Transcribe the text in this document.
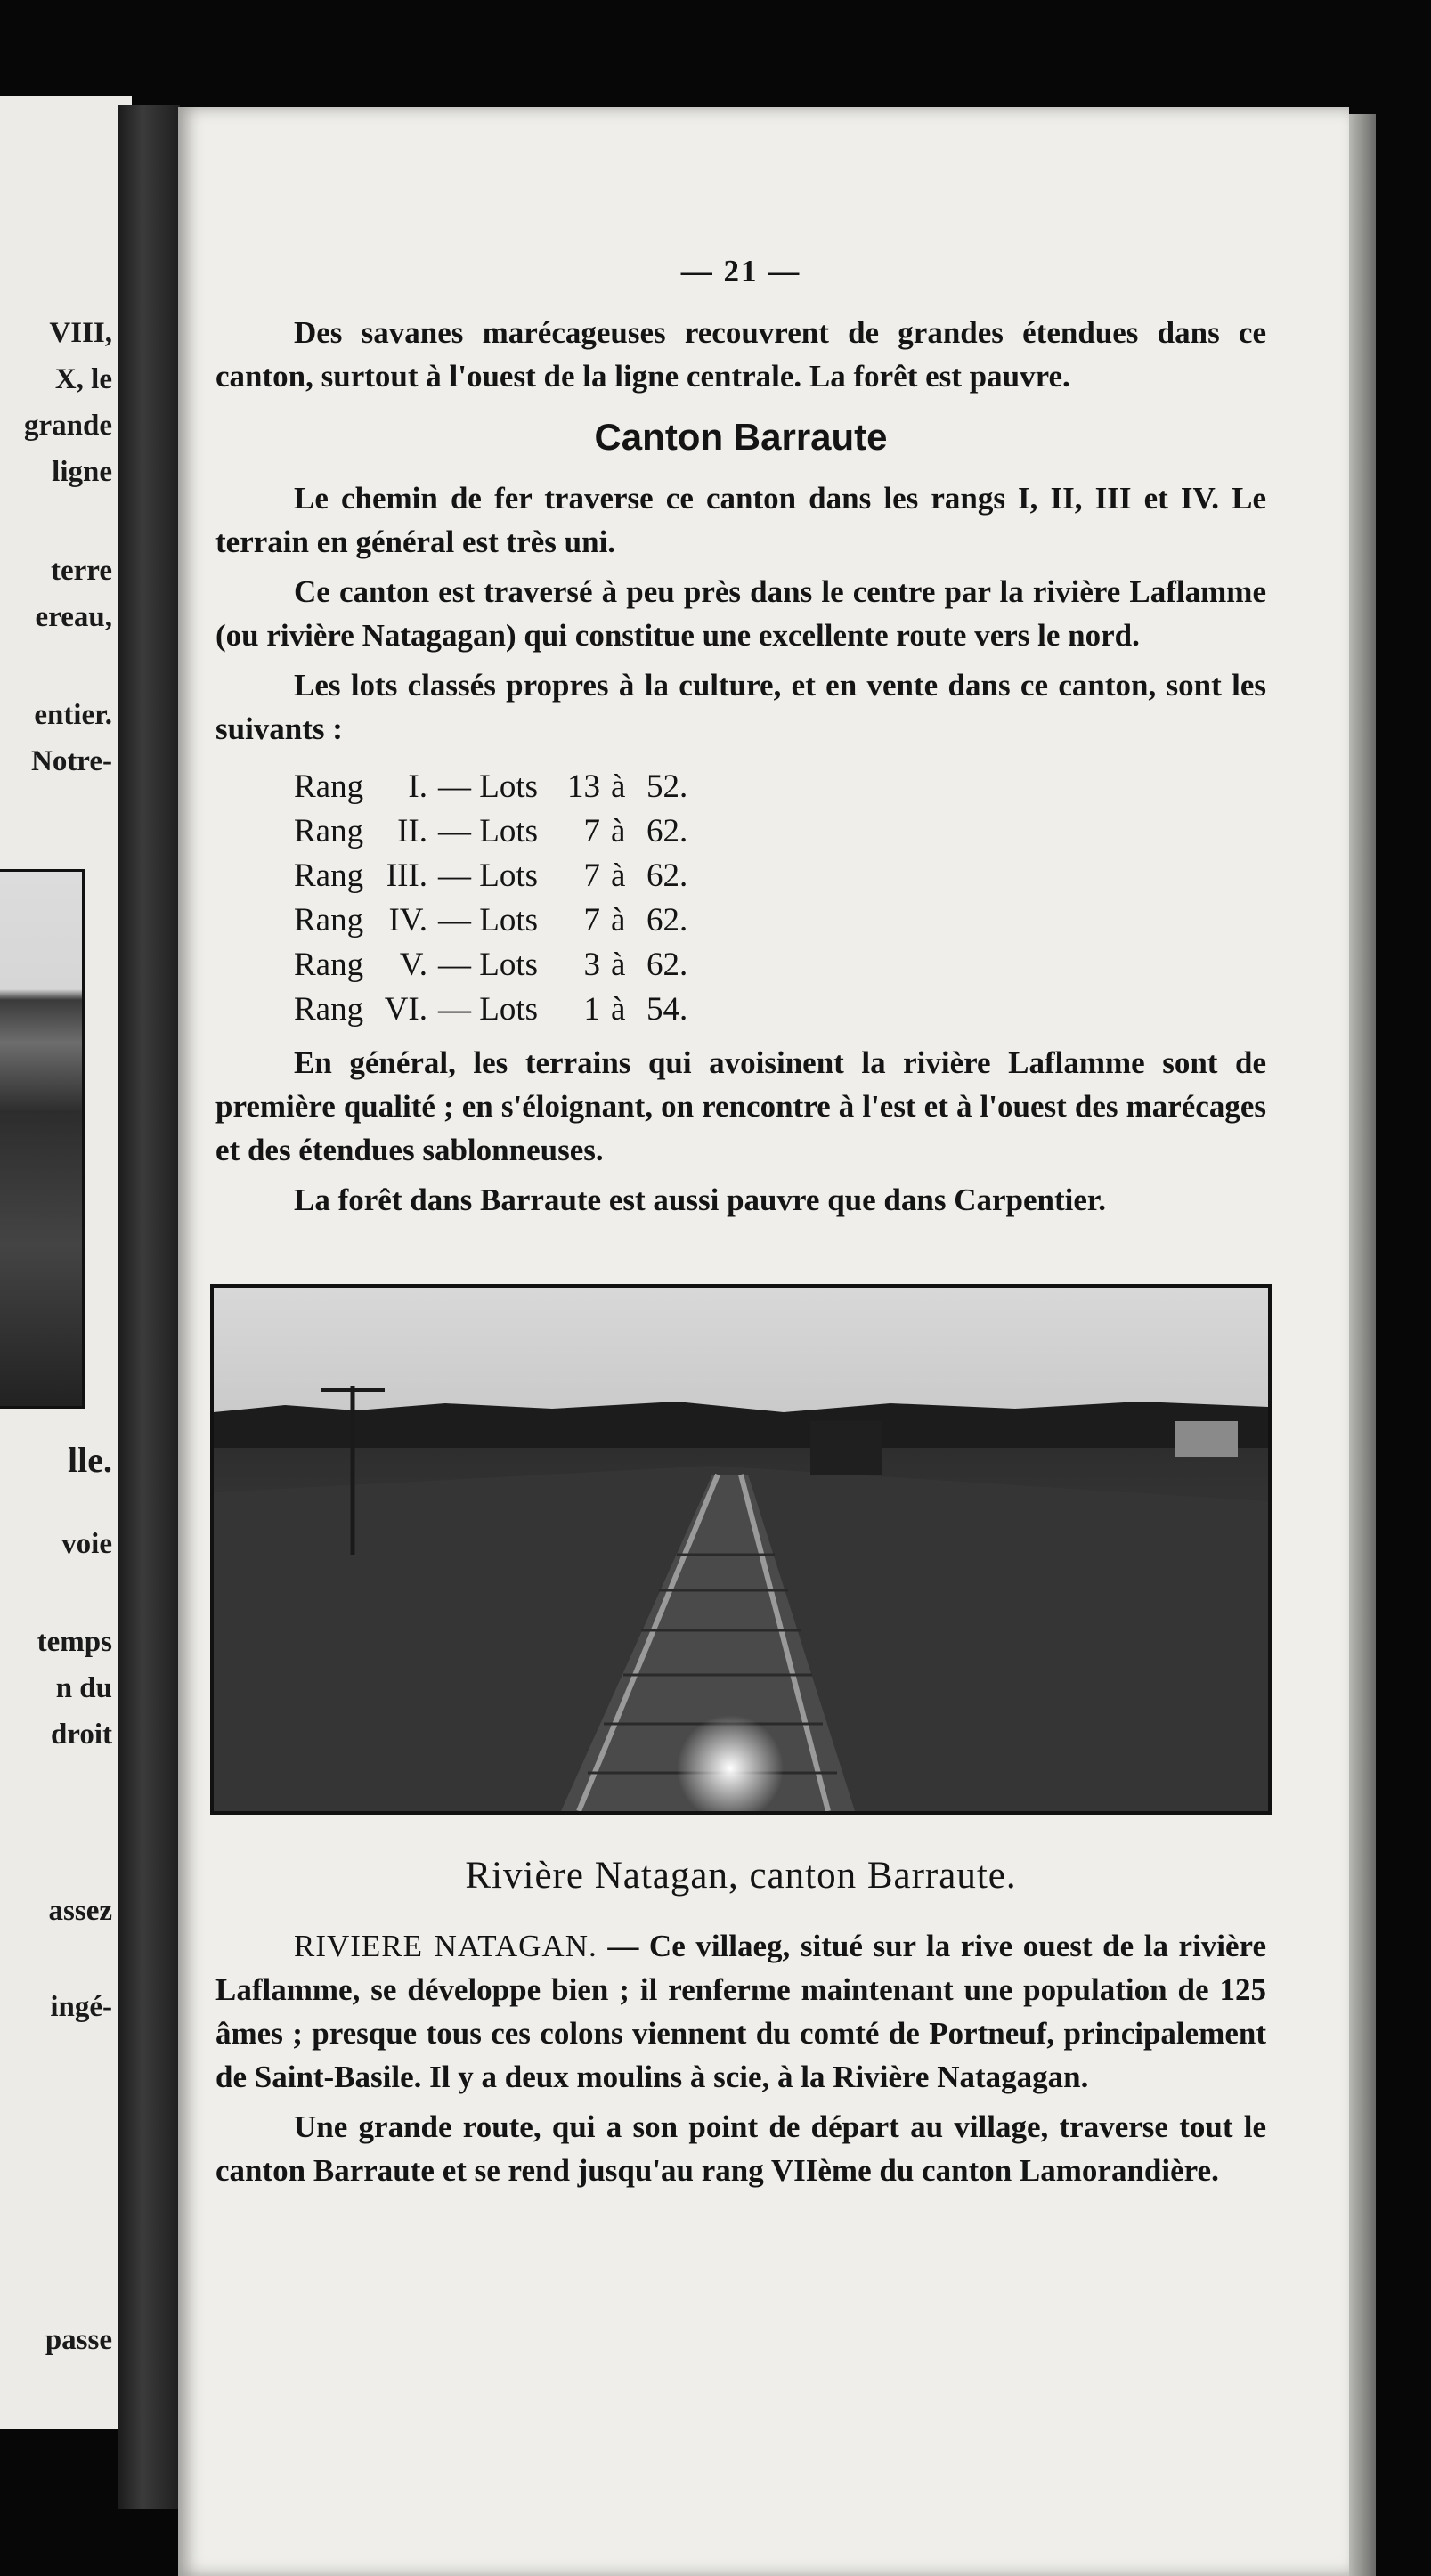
VIII,
X, le
grande
ligne
terre
ereau,
entier.
Notre-
lle.
voie
temps
n du
droit
assez
ingé-
passe
— 21 —

Des savanes marécageuses recouvrent de grandes étendues dans ce canton, surtout à l'ouest de la ligne centrale. La forêt est pauvre.

Canton Barraute

Le chemin de fer traverse ce canton dans les rangs I, II, III et IV. Le terrain en général est très uni.

Ce canton est traversé à peu près dans le centre par la rivière Laflamme (ou rivière Natagagan) qui constitue une excellente route vers le nord.

Les lots classés propres à la culture, et en vente dans ce canton, sont les suivants :

Rang	I. — Lots 13 à 52.
Rang	II. — Lots	7 à 62.
Rang III. — Lots	7 à 62.
Rang IV. — Lots	7 à 62.
Rang	V. — Lots	3 à 62.
Rang VI. — Lots	1 à 54.

En général, les terrains qui avoisinent la rivière Laflamme sont de première qualité ; en s'éloignant, on rencontre à l'est et à l'ouest des marécages et des étendues sablonneuses.

La forêt dans Barraute est aussi pauvre que dans Carpentier.

Rivière Natagan, canton Barraute.

RIVIERE NATAGAN. — Ce villaeg, situé sur la rive ouest de la rivière Laflamme, se développe bien ; il renferme maintenant une population de 125 âmes ; presque tous ces colons viennent du comté de Portneuf, principalement de Saint-Basile. Il y a deux moulins à scie, à la Rivière Natagagan.

Une grande route, qui a son point de départ au village, traverse tout le canton Barraute et se rend jusqu'au rang VIIème du canton Lamorandière.
